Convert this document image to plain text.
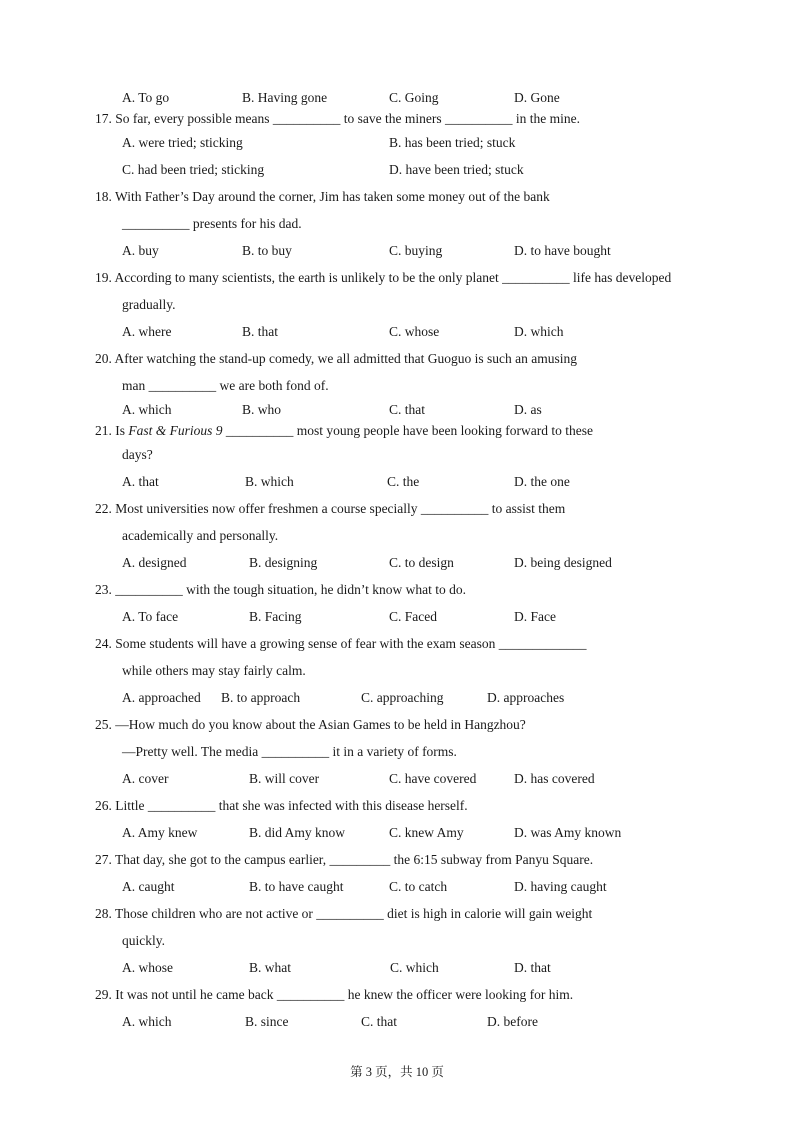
A. To go	B. Having gone	C. Going	D. Gone
17. So far, every possible means __________ to save the miners __________ in the mine.
A. were tried; sticking	B. has been tried; stuck
C. had been tried; sticking	D. have been tried; stuck
18. With Father’s Day around the corner, Jim has taken some money out of the bank
__________ presents for his dad.
A. buy	B. to buy	C. buying	D. to have bought
19. According to many scientists, the earth is unlikely to be the only planet __________ life has developed
gradually.
A. where	B. that	C. whose	D. which
20. After watching the stand-up comedy, we all admitted that Guoguo is such an amusing
man __________ we are both fond of.
A. which	B. who	C. that	D. as
21. Is Fast & Furious 9 __________ most young people have been looking forward to these
days?
A. that	B. which	C. the	D. the one
22. Most universities now offer freshmen a course specially __________ to assist them
academically and personally.
A. designed	B. designing	C. to design	D. being designed
23. __________ with the tough situation, he didn’t know what to do.
A. To face	B. Facing	C. Faced	D. Face
24. Some students will have a growing sense of fear with the exam season _____________
while others may stay fairly calm.
A. approached B. to approach	C. approaching	D. approaches
25. —How much do you know about the Asian Games to be held in Hangzhou?
—Pretty well. The media __________ it in a variety of forms.
A. cover	B. will cover	C. have covered	D. has covered
26. Little __________ that she was infected with this disease herself.
A. Amy knew	B. did Amy know	C. knew Amy	D. was Amy known
27. That day, she got to the campus earlier, _________ the 6:15 subway from Panyu Square.
A. caught	B. to have caught	C. to catch	D. having caught
28. Those children who are not active or __________ diet is high in calorie will gain weight
quickly.
A. whose	B. what	C. which	D. that
29. It was not until he came back __________ he knew the officer were looking for him.
A. which	B. since	C. that	D. before
第 3 页，共 10 页
